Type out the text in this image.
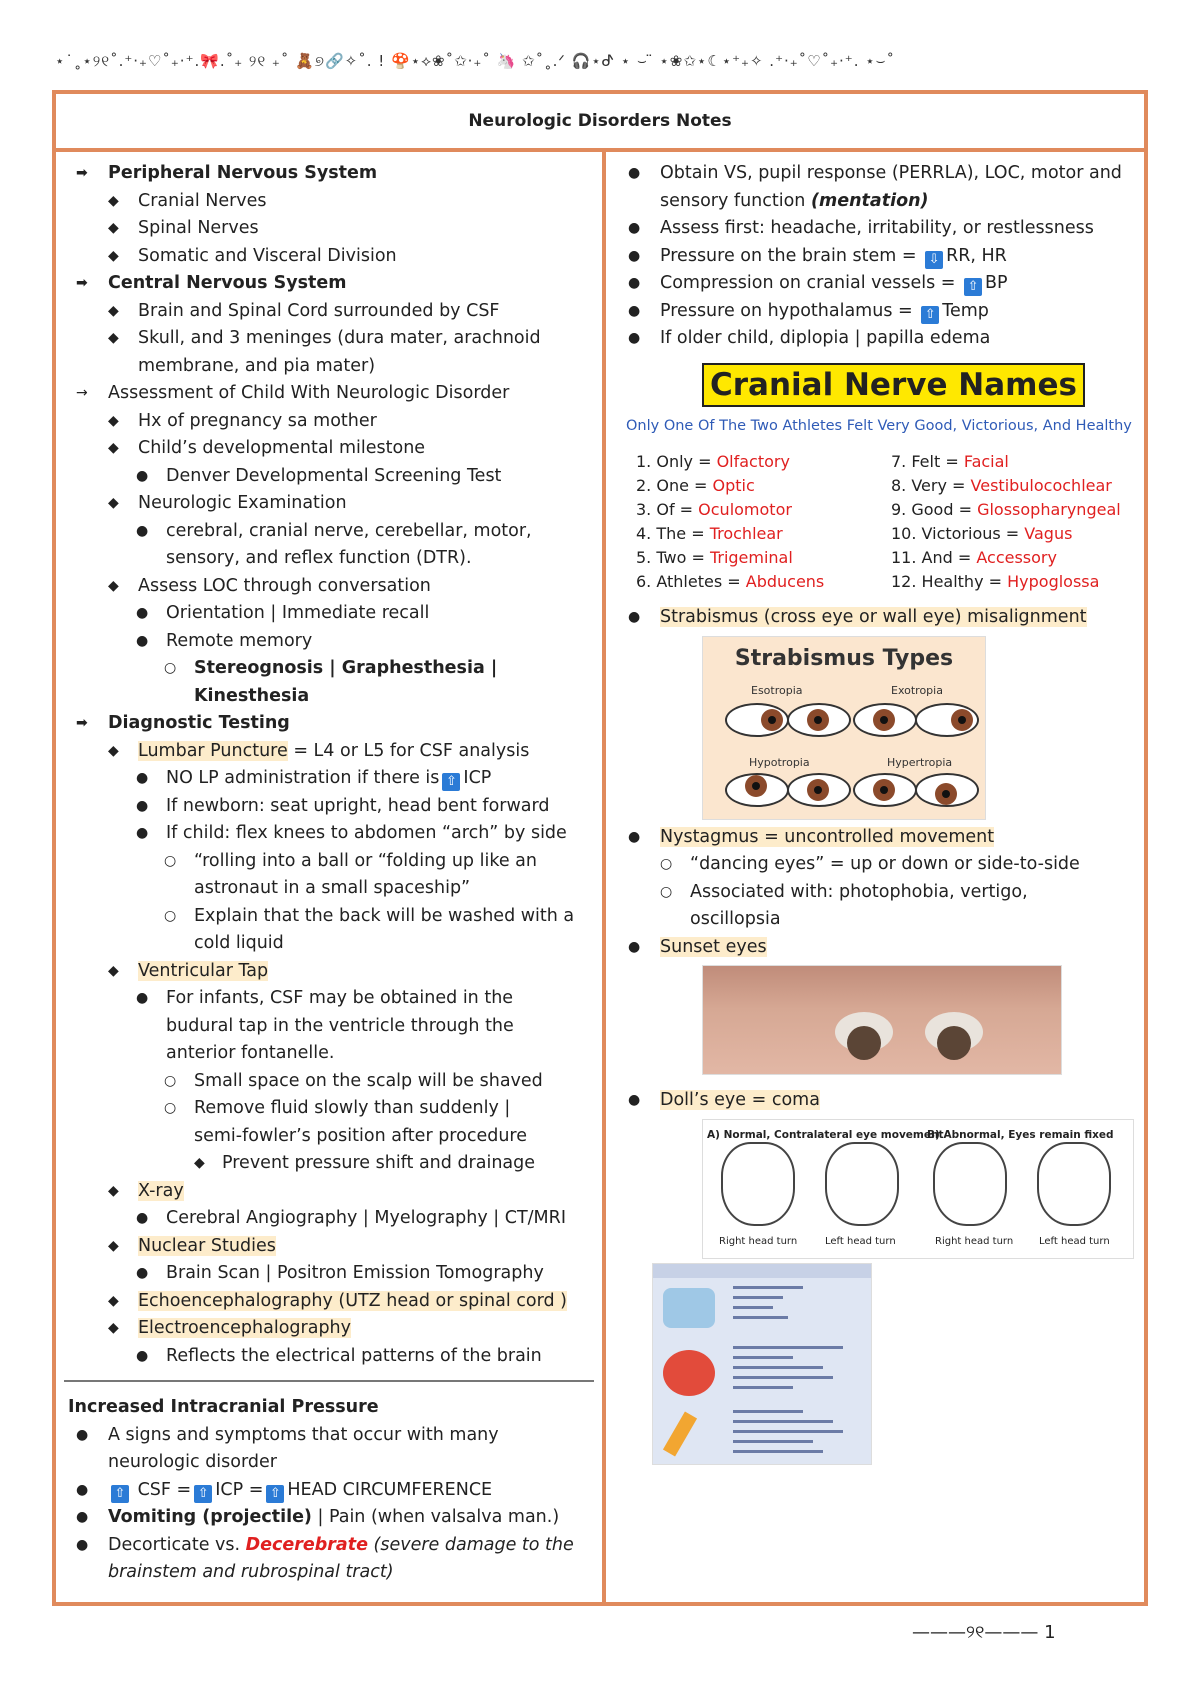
⋆˙˳⋆୨୧˚.⁺‧₊♡˚₊‧⁺.🎀.˚₊ ୨୧ ₊˚ 🧸୭🔗✧˚. ! 🍄⋆⟡❀˚✩‧₊˚ 🦄 ✩˚˳.ᐟ 🎧⋆ᕷ ⋆ ⌣ ̈ ⋆❀✩⋆☾⋆⁺₊✧ .⁺‧₊˚♡˚₊‧⁺. ⋆⌣˚
Neurologic Disorders Notes
➡ Peripheral Nervous System
◆ Cranial Nerves
◆ Spinal Nerves
◆ Somatic and Visceral Division
➡ Central Nervous System
◆ Brain and Spinal Cord surrounded by CSF
◆ Skull, and 3 meninges (dura mater, arachnoid
membrane, and pia mater)
→ Assessment of Child With Neurologic Disorder
◆ Hx of pregnancy sa mother
◆ Child’s developmental milestone
● Denver Developmental Screening Test
◆ Neurologic Examination
● cerebral, cranial nerve, cerebellar, motor,
sensory, and reflex function (DTR).
◆ Assess LOC through conversation
● Orientation | Immediate recall
● Remote memory
○ Stereognosis | Graphesthesia |
Kinesthesia
➡ Diagnostic Testing
◆ Lumbar Puncture = L4 or L5 for CSF analysis
● NO LP administration if there is ⇧ ICP
● If newborn: seat upright, head bent forward
● If child: flex knees to abdomen “arch” by side
○ “rolling into a ball or “folding up like an
astronaut in a small spaceship”
○ Explain that the back will be washed with a
cold liquid
◆ Ventricular Tap
● For infants, CSF may be obtained in the
budural tap in the ventricle through the
anterior fontanelle.
○ Small space on the scalp will be shaved
○ Remove fluid slowly than suddenly |
semi-fowler’s position after procedure
◆ Prevent pressure shift and drainage
◆ X-ray
● Cerebral Angiography | Myelography | CT/MRI
◆ Nuclear Studies
● Brain Scan | Positron Emission Tomography
◆ Echoencephalography (UTZ head or spinal cord )
◆ Electroencephalography
● Reflects the electrical patterns of the brain
Increased Intracranial Pressure
● A signs and symptoms that occur with many
neurologic disorder
● ⇧ CSF = ⇧ ICP = ⇧ HEAD CIRCUMFERENCE
● Vomiting (projectile) | Pain (when valsalva man.)
● Decorticate vs. Decerebrate (severe damage to the
brainstem and rubrospinal tract)
● Obtain VS, pupil response (PERRLA), LOC, motor and
sensory function (mentation)
● Assess first: headache, irritability, or restlessness
● Pressure on the brain stem = ⇩ RR, HR
● Compression on cranial vessels = ⇧ BP
● Pressure on hypothalamus = ⇧ Temp
● If older child, diplopia | papilla edema
Cranial Nerve Names
Only One Of The Two Athletes Felt Very Good, Victorious, And Healthy
1. Only = Olfactory	7. Felt = Facial
2. One = Optic	8. Very = Vestibulocochlear
3. Of = Oculomotor	9. Good = Glossopharyngeal
4. The = Trochlear	10. Victorious = Vagus
5. Two = Trigeminal	11. And = Accessory
6. Athletes = Abducens	12. Healthy = Hypoglossa
● Strabismus (cross eye or wall eye) misalignment
Strabismus Types
Esotropia	Exotropia
Hypotropia	Hypertropia
● Nystagmus = uncontrolled movement
○ “dancing eyes” = up or down or side-to-side
○ Associated with: photophobia, vertigo,
oscillopsia
● Sunset eyes
● Doll’s eye = coma
A) Normal, Contralateral eye movement
B) Abnormal, Eyes remain fixed
Right head turn	Left head turn	Right head turn	Left head turn
———୨୧——— 1
